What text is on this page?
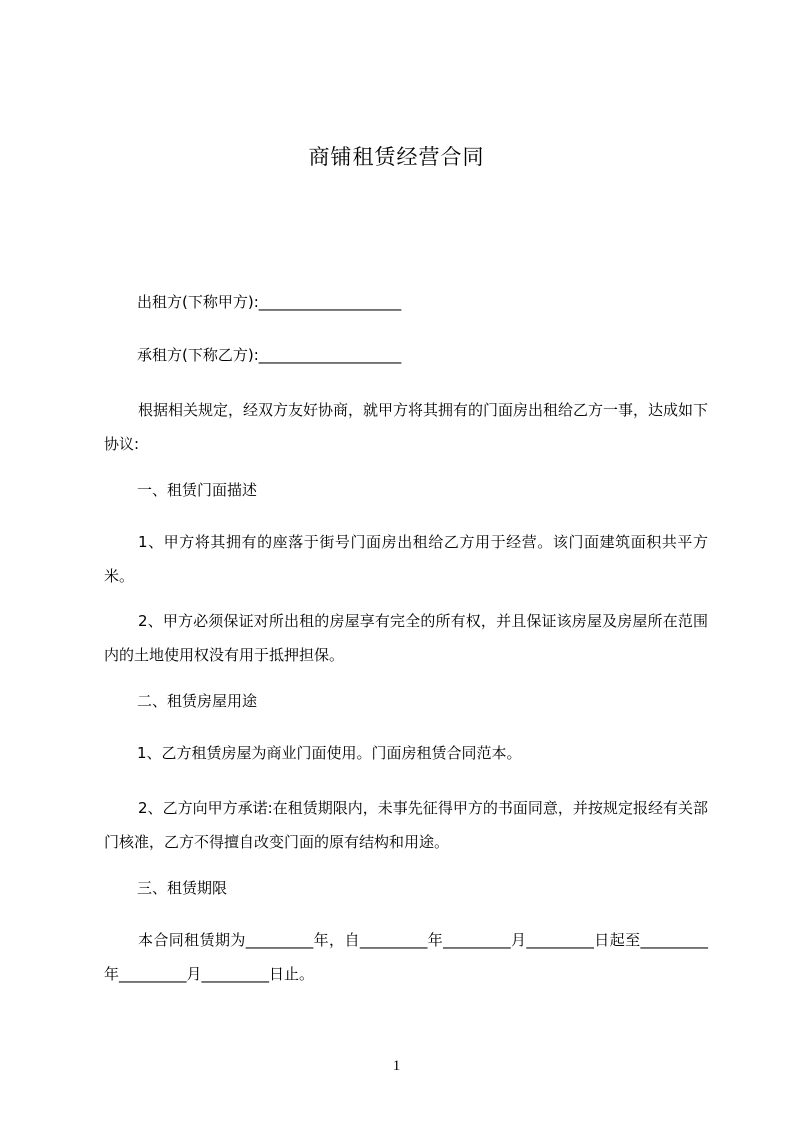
商铺租赁经营合同
出租方(下称甲方):___________________
承租方(下称乙方):___________________
根据相关规定，经双方友好协商，就甲方将其拥有的门面房出租给乙方一事，达成如下协议:
一、租赁门面描述
1、甲方将其拥有的座落于街号门面房出租给乙方用于经营。该门面建筑面积共平方米。
2、甲方必须保证对所出租的房屋享有完全的所有权，并且保证该房屋及房屋所在范围内的土地使用权没有用于抵押担保。
二、租赁房屋用途
1、乙方租赁房屋为商业门面使用。门面房租赁合同范本。
2、乙方向甲方承诺:在租赁期限内，未事先征得甲方的书面同意，并按规定报经有关部门核准，乙方不得擅自改变门面的原有结构和用途。
三、租赁期限
本合同租赁期为_________年，自_________年_________月_________日起至_________年_________月_________日止。
1
